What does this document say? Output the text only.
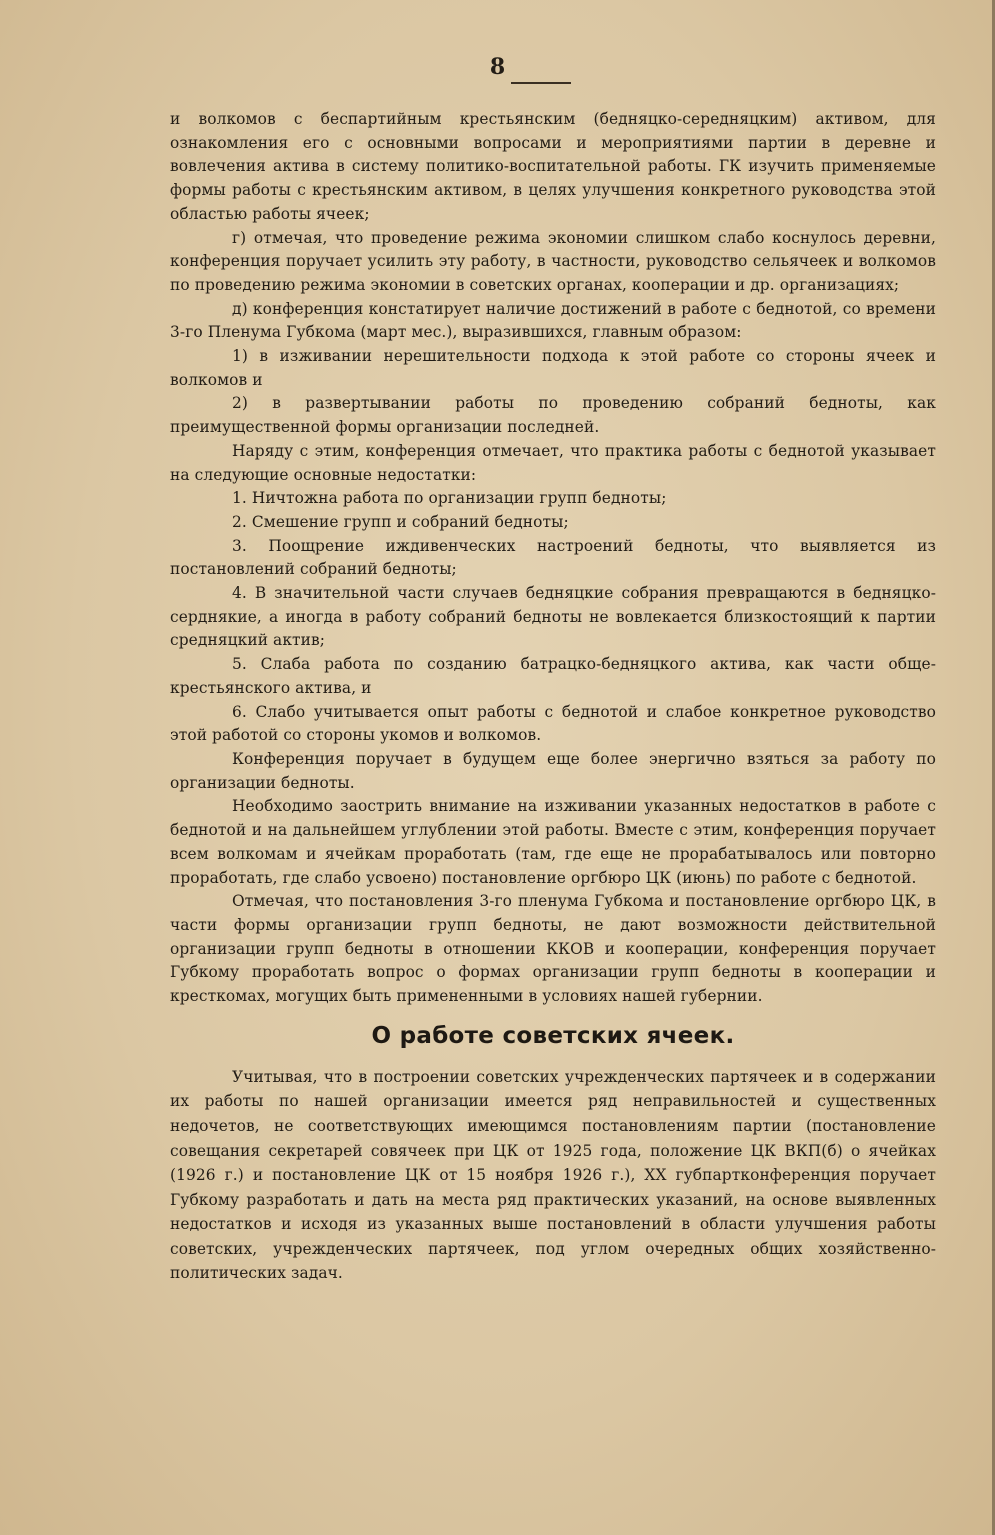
8

и волкомов с беспартийным крестьянским (бедняцко-середняцким) активом, для ознакомления его с основными вопросами и мероприятиями партии в деревне и вовлечения актива в систему политико-воспитательной работы. ГК изучить применяемые формы работы с крестьянским активом, в целях улучшения конкретного руководства этой областью работы ячеек;

г) отмечая, что проведение режима экономии слишком слабо коснулось деревни, конференция поручает усилить эту работу, в частности, руководство сельячеек и волкомов по проведению режима экономии в советских органах, кооперации и др. организациях;

д) конференция констатирует наличие достижений в работе с беднотой, со времени 3-го Пленума Губкома (март мес.), выразившихся, главным образом:

1) в изживании нерешительности подхода к этой работе со стороны ячеек и волкомов и

2) в развертывании работы по проведению собраний бедноты, как преимущественной формы организации последней.

Наряду с этим, конференция отмечает, что практика работы с беднотой указывает на следующие основные недостатки:

1. Ничтожна работа по организации групп бедноты;

2. Смешение групп и собраний бедноты;

3. Поощрение иждивенческих настроений бедноты, что выявляется из постановлений собраний бедноты;

4. В значительной части случаев бедняцкие собрания превращаются в бедняцко-серднякие, а иногда в работу собраний бедноты не вовлекается близкостоящий к партии средняцкий актив;

5. Слаба работа по созданию батрацко-бедняцкого актива, как части обще-крестьянского актива, и

6. Слабо учитывается опыт работы с беднотой и слабое конкретное руководство этой работой со стороны укомов и волкомов.

Конференция поручает в будущем еще более энергично взяться за работу по организации бедноты.

Необходимо заострить внимание на изживании указанных недостатков в работе с беднотой и на дальнейшем углублении этой работы. Вместе с этим, конференция поручает всем волкомам и ячейкам проработать (там, где еще не прорабатывалось или повторно проработать, где слабо усвоено) постановление оргбюро ЦК (июнь) по работе с беднотой.

Отмечая, что постановления 3-го пленума Губкома и постановление оргбюро ЦК, в части формы организации групп бедноты, не дают возможности действительной организации групп бедноты в отношении ККОВ и кооперации, конференция поручает Губкому проработать вопрос о формах организации групп бедноты в кооперации и кресткомах, могущих быть примененными в условиях нашей губернии.

О работе советских ячеек.

Учитывая, что в построении советских учрежденческих партячеек и в содержании их работы по нашей организации имеется ряд неправильностей и существенных недочетов, не соответствующих имеющимся постановлениям партии (постановление совещания секретарей совячеек при ЦК от 1925 года, положение ЦК ВКП(б) о ячейках (1926 г.) и постановление ЦК от 15 ноября 1926 г.), XX губпартконференция поручает Губкому разработать и дать на места ряд практических указаний, на основе выявленных недостатков и исходя из указанных выше постановлений в области улучшения работы советских, учрежденческих партячеек, под углом очередных общих хозяйственно-политических задач.
